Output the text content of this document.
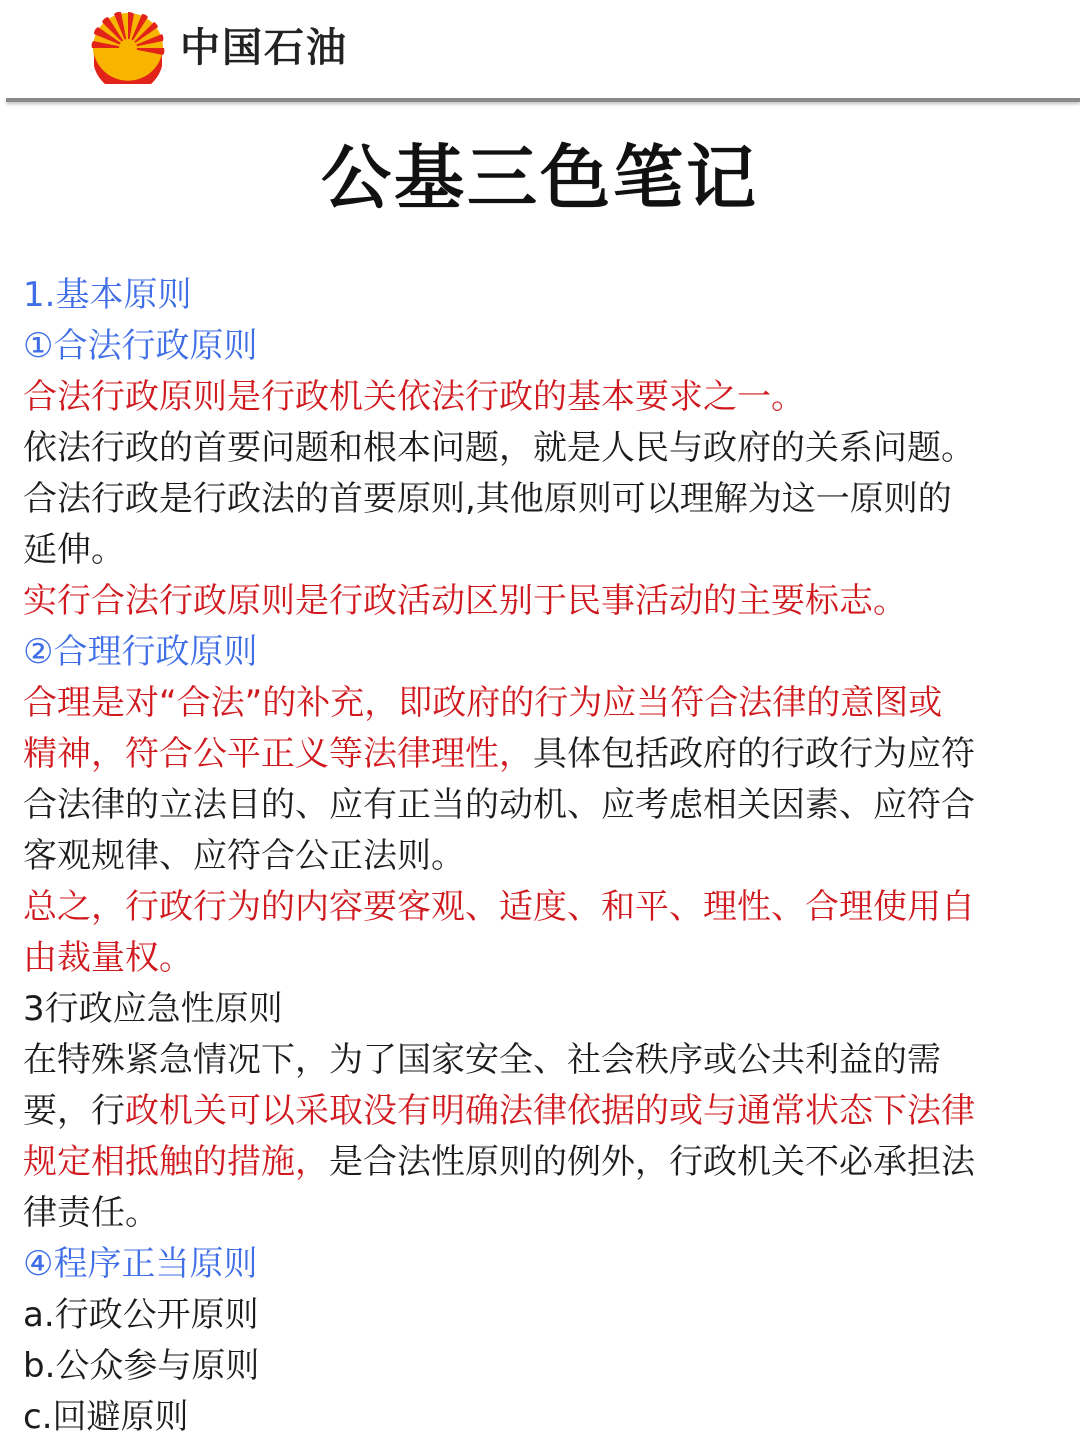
中国石油
公基三色笔记
1.基本原则
①合法行政原则
合法行政原则是行政机关依法行政的基本要求之一。
依法行政的首要问题和根本问题，就是人民与政府的关系问题。
合法行政是行政法的首要原则,其他原则可以理解为这一原则的
延伸。
实行合法行政原则是行政活动区别于民事活动的主要标志。
②合理行政原则
合理是对“合法”的补充，即政府的行为应当符合法律的意图或
精神，符合公平正义等法律理性，具体包括政府的行政行为应符
合法律的立法目的、应有正当的动机、应考虑相关因素、应符合
客观规律、应符合公正法则。
总之，行政行为的内容要客观、适度、和平、理性、合理使用自
由裁量权。
3行政应急性原则
在特殊紧急情况下，为了国家安全、社会秩序或公共利益的需
要，行政机关可以采取没有明确法律依据的或与通常状态下法律
规定相抵触的措施，是合法性原则的例外，行政机关不必承担法
律责任。
④程序正当原则
a.行政公开原则
b.公众参与原则
c.回避原则
